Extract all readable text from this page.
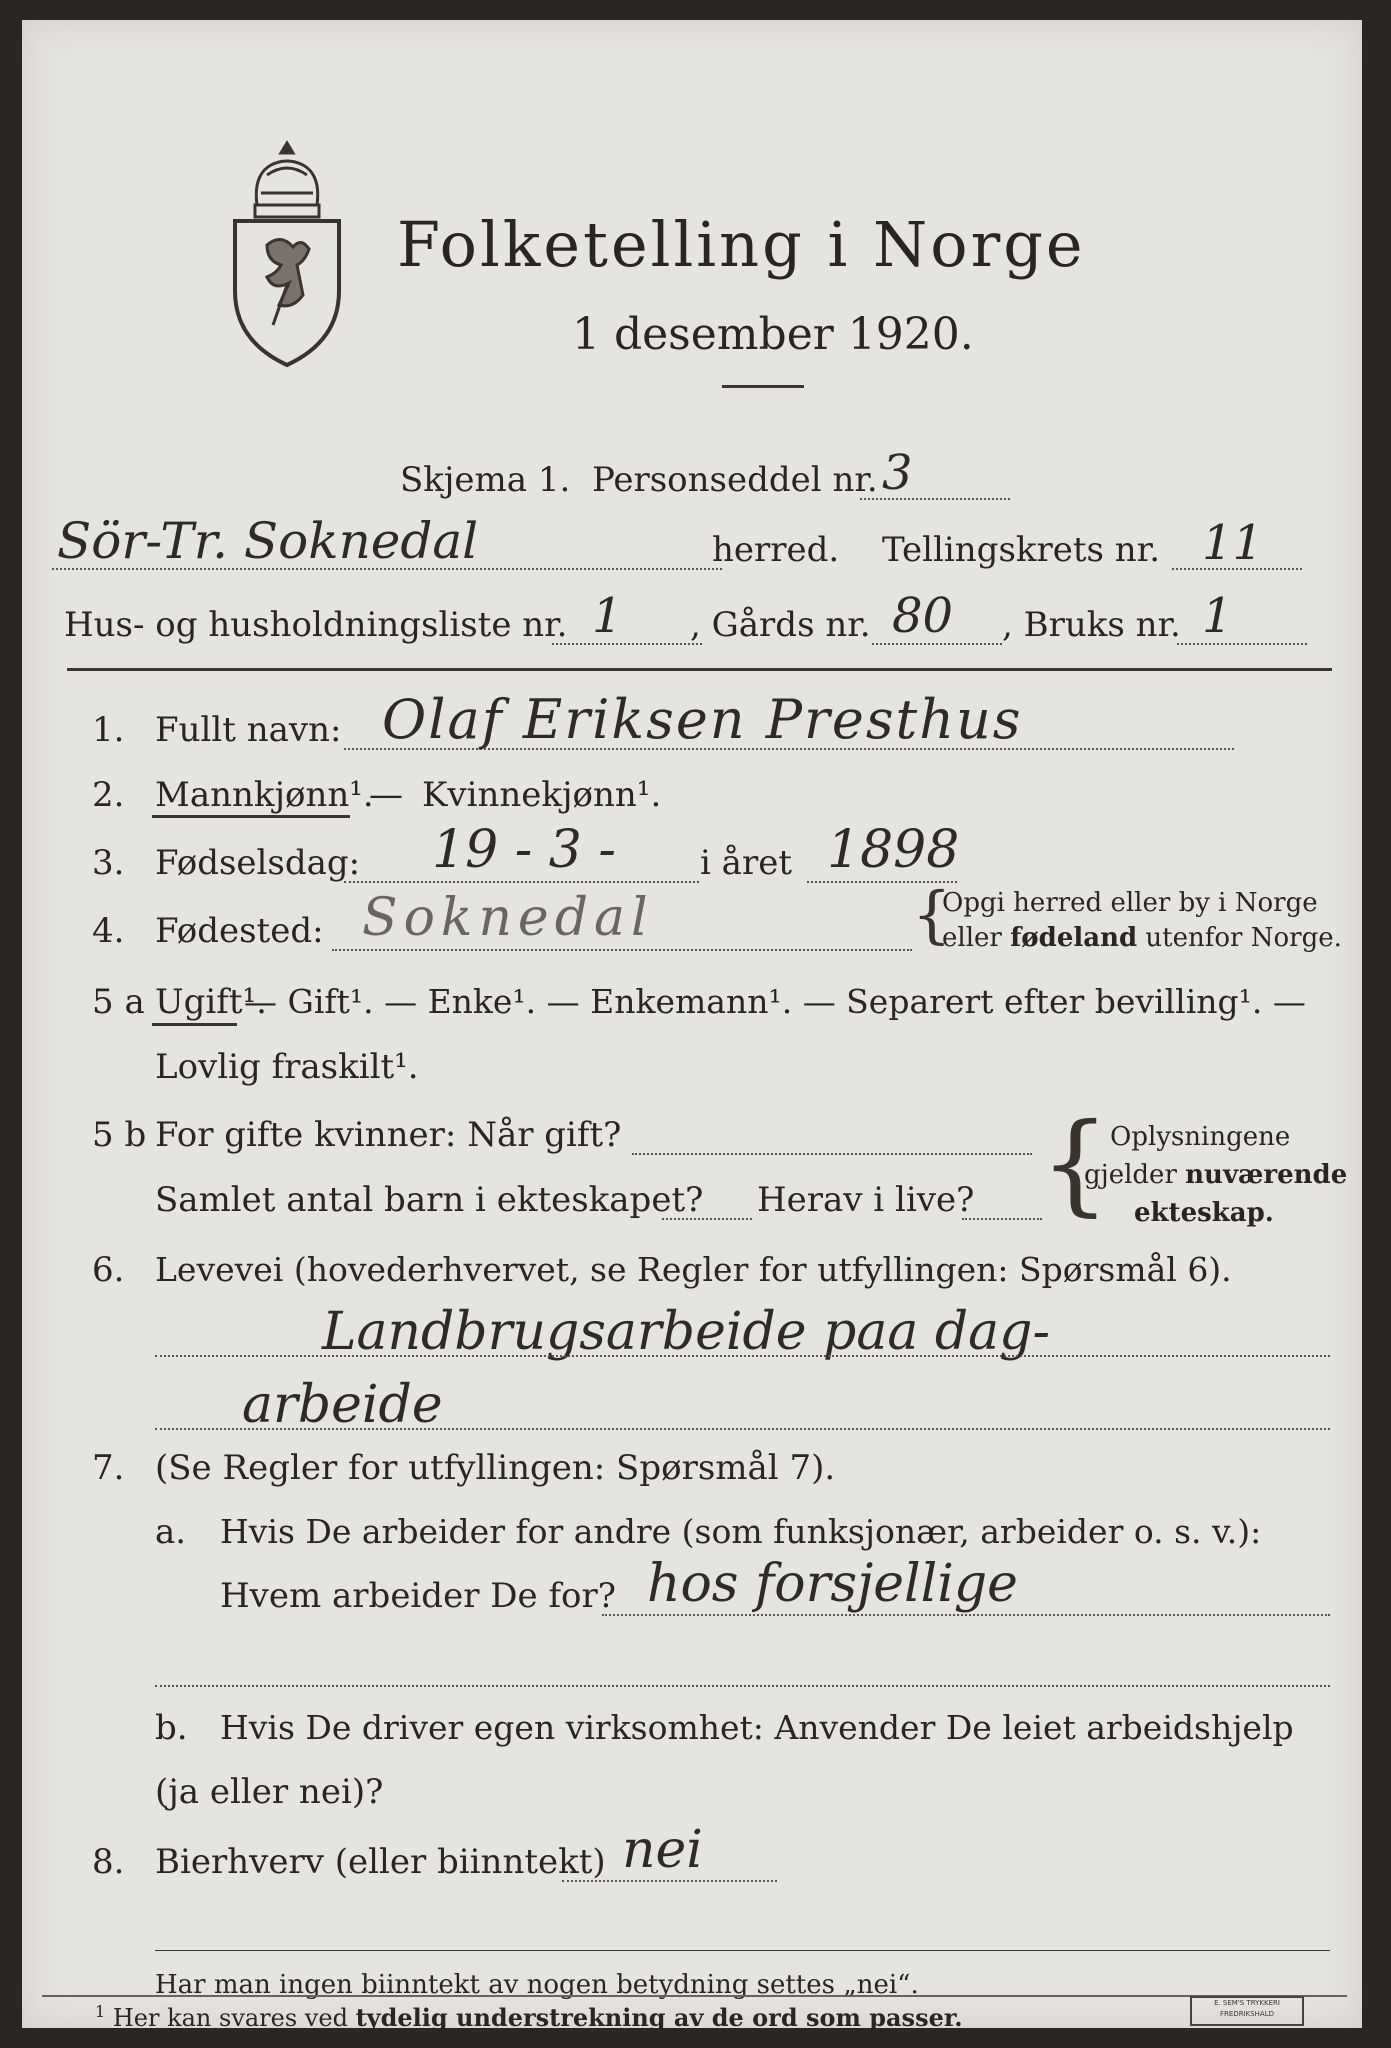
Folketelling i Norge
1 desember 1920.
Skjema 1. Personseddel nr. 3
Sör-Tr. Soknedal	herred. Tellingskrets nr. 11
Hus- og husholdningsliste nr. 1 , Gårds nr. 80 , Bruks nr. 1
1. Fullt navn: Olaf Eriksen Presthus
2. Mannkjønn¹.
— Kvinnekjønn¹.
3. Fødselsdag: 19 - 3 - i året 1898
4. Fødested: Soknedal	{
Opgi herred eller by i Norge
eller fødeland utenfor Norge.
5 a Ugift¹.
— Gift¹. — Enke¹. — Enkemann¹. — Separert efter bevilling¹. —
Lovlig fraskilt¹.
5 b For gifte kvinner: Når gift?
Samlet antal barn i ekteskapet? Herav i live? { Oplysningene
gjelder nuværende
ekteskap.
6. Levevei (hovederhvervet, se Regler for utfyllingen: Spørsmål 6).
Landbrugsarbeide paa dag-
arbeide
7. (Se Regler for utfyllingen: Spørsmål 7).
a. Hvis De arbeider for andre (som funksjonær, arbeider o. s. v.):
Hvem arbeider De for? hos forsjellige
b. Hvis De driver egen virksomhet: Anvender De leiet arbeidshjelp
(ja eller nei)?
8. Bierhverv (eller biinntekt) nei
Har man ingen biinntekt av nogen betydning settes „nei“.
$^1$ Her kan svares ved tydelig understrekning av de ord som passer.	E. SEM'S TRYKKERI
FREDRIKSHALD
